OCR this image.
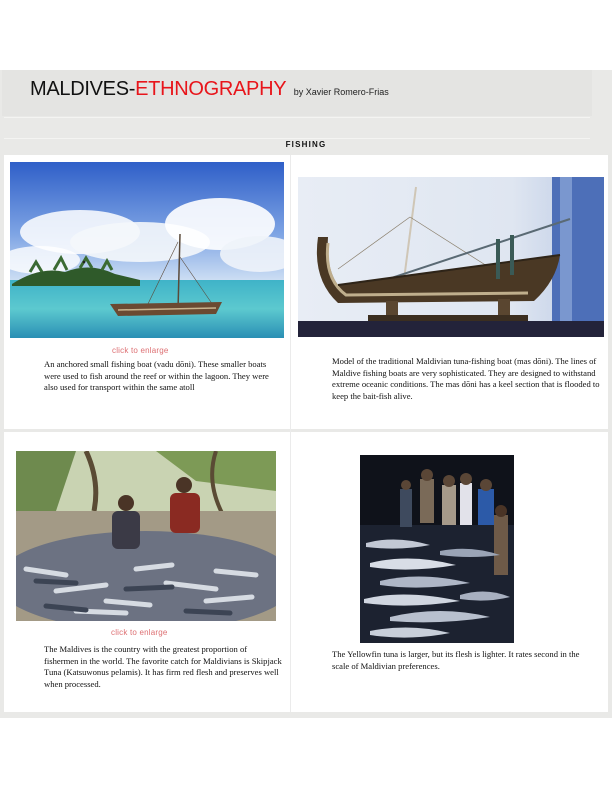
MALDIVES-ETHNOGRAPHY by Xavier Romero-Frias
FISHING
click to enlarge
An anchored small fishing boat (vadu dōni). These smaller boats were used to fish around the reef or within the lagoon. They were also used for transport within the same atoll
Model of the traditional Maldivian tuna-fishing boat (mas dōni). The lines of Maldive fishing boats are very sophisticated. They are designed to withstand extreme oceanic conditions. The mas dōni has a keel section that is flooded to keep the bait-fish alive.
click to enlarge
The Maldives is the country with the greatest proportion of fishermen in the world. The favorite catch for Maldivians is Skipjack Tuna (Katsuwonus pelamis). It has firm red flesh and preserves well when processed.
The Yellowfin tuna is larger, but its flesh is lighter. It rates second in the scale of Maldivian preferences.
